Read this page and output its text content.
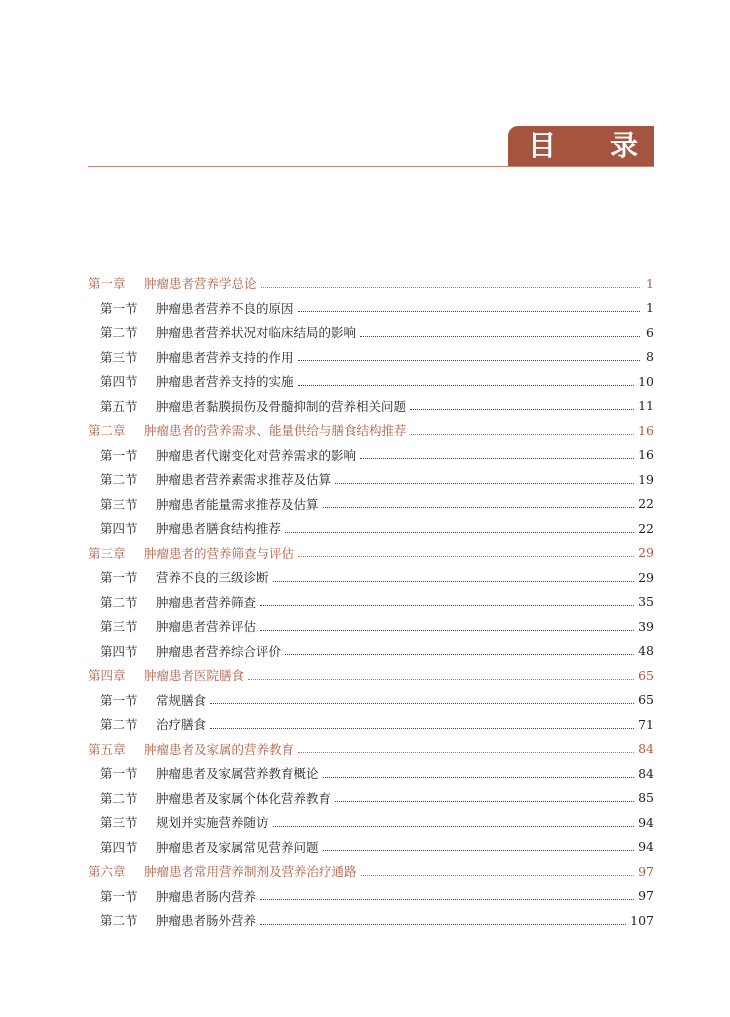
目 录
第一章	肿瘤患者营养学总论	1
第一节	肿瘤患者营养不良的原因	1
第二节	肿瘤患者营养状况对临床结局的影响	6
第三节	肿瘤患者营养支持的作用	8
第四节	肿瘤患者营养支持的实施	10
第五节	肿瘤患者黏膜损伤及骨髓抑制的营养相关问题	11
第二章	肿瘤患者的营养需求、能量供给与膳食结构推荐	16
第一节	肿瘤患者代谢变化对营养需求的影响	16
第二节	肿瘤患者营养素需求推荐及估算	19
第三节	肿瘤患者能量需求推荐及估算	22
第四节	肿瘤患者膳食结构推荐	22
第三章	肿瘤患者的营养筛查与评估	29
第一节	营养不良的三级诊断	29
第二节	肿瘤患者营养筛查	35
第三节	肿瘤患者营养评估	39
第四节	肿瘤患者营养综合评价	48
第四章	肿瘤患者医院膳食	65
第一节	常规膳食	65
第二节	治疗膳食	71
第五章	肿瘤患者及家属的营养教育	84
第一节	肿瘤患者及家属营养教育概论	84
第二节	肿瘤患者及家属个体化营养教育	85
第三节	规划并实施营养随访	94
第四节	肿瘤患者及家属常见营养问题	94
第六章	肿瘤患者常用营养制剂及营养治疗通路	97
第一节	肿瘤患者肠内营养	97
第二节	肿瘤患者肠外营养	107
